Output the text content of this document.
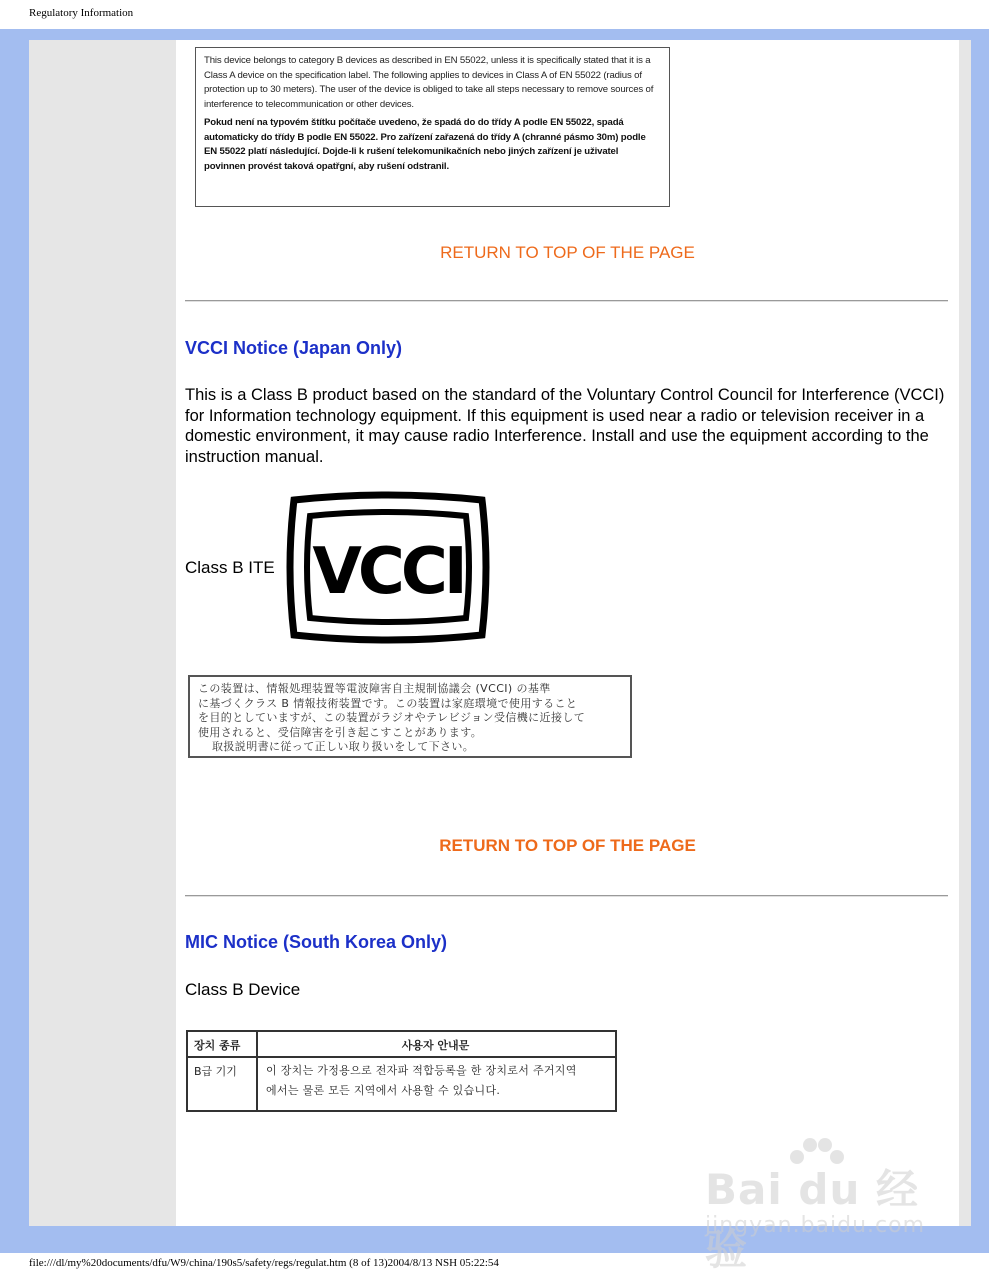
Regulatory Information

This device belongs to category B devices as described in EN 55022, unless it is specifically stated that it is a Class A device on the specification label. The following applies to devices in Class A of EN 55022 (radius of protection up to 30 meters). The user of the device is obliged to take all steps necessary to remove sources of interference to telecommunication or other devices.

Pokud není na typovém štítku počítače uvedeno, že spadá do do třídy A podle EN 55022, spadá automaticky do třídy B podle EN 55022. Pro zařízení zařazená do třídy A (chranné pásmo 30m) podle EN 55022 platí následující. Dojde-li k rušení telekomunikačních nebo jiných zařízení je uživatel povinnen provést taková opatřgní, aby rušení odstranil.

RETURN TO TOP OF THE PAGE
VCCI Notice (Japan Only)
This is a Class B product based on the standard of the Voluntary Control Council for Interference (VCCI) for Information technology equipment. If this equipment is used near a radio or television receiver in a domestic environment, it may cause radio Interference. Install and use the equipment according to the instruction manual.
Class B ITE VCCI
この装置は、情報処理装置等電波障害自主規制協議会 (VCCI) の基準
に基づくクラス B 情報技術装置です。この装置は家庭環境で使用すること
を目的としていますが、この装置がラジオやテレビジョン受信機に近接して
使用されると、受信障害を引き起こすことがあります。
取扱説明書に従って正しい取り扱いをして下さい。
RETURN TO TOP OF THE PAGE
MIC Notice (South Korea Only)
Class B Device
장치 종류	사용자 안내문
B급 기기	이 장치는 가정용으로 전자파 적합등록을 한 장치로서 주거지역
에서는 물론 모든 지역에서 사용할 수 있습니다.
Bai du 经验
jingyan.baidu.com
file:///dl/my%20documents/dfu/W9/china/190s5/safety/regs/regulat.htm (8 of 13)2004/8/13 NSH 05:22:54
